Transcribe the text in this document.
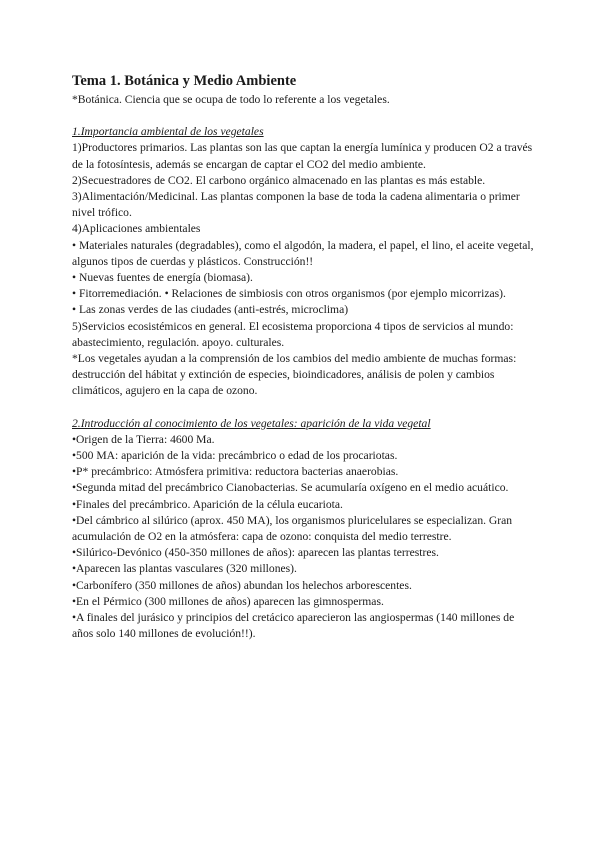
Tema 1. Botánica y Medio Ambiente

*Botánica. Ciencia que se ocupa de todo lo referente a los vegetales.

1.Importancia ambiental de los vegetales

1)Productores primarios. Las plantas son las que captan la energía lumínica y producen O2 a través de la fotosíntesis, además se encargan de captar el CO2 del medio ambiente.

2)Secuestradores de CO2. El carbono orgánico almacenado en las plantas es más estable.

3)Alimentación/Medicinal. Las plantas componen la base de toda la cadena alimentaria o primer nivel trófico.

4)Aplicaciones ambientales

• Materiales naturales (degradables), como el algodón, la madera, el papel, el lino, el aceite vegetal, algunos tipos de cuerdas y plásticos. Construcción!!

• Nuevas fuentes de energía (biomasa).

• Fitorremediación. • Relaciones de simbiosis con otros organismos (por ejemplo micorrizas).

• Las zonas verdes de las ciudades (anti-estrés, microclima)

5)Servicios ecosistémicos en general. El ecosistema proporciona 4 tipos de servicios al mundo: abastecimiento, regulación. apoyo. culturales.

*Los vegetales ayudan a la comprensión de los cambios del medio ambiente de muchas formas: destrucción del hábitat y extinción de especies, bioindicadores, análisis de polen y cambios climáticos, agujero en la capa de ozono.

2.Introducción al conocimiento de los vegetales: aparición de la vida vegetal

•Origen de la Tierra: 4600 Ma.

•500 MA: aparición de la vida: precámbrico o edad de los procariotas.

•P* precámbrico: Atmósfera primitiva: reductora bacterias anaerobias.

•Segunda mitad del precámbrico Cianobacterias. Se acumularía oxígeno en el medio acuático.

•Finales del precámbrico. Aparición de la célula eucariota.

•Del cámbrico al silúrico (aprox. 450 MA), los organismos pluricelulares se especializan. Gran acumulación de O2 en la atmósfera: capa de ozono: conquista del medio terrestre.

•Silúrico-Devónico (450-350 millones de años): aparecen las plantas terrestres.

•Aparecen las plantas vasculares (320 millones).

•Carbonífero (350 millones de años) abundan los helechos arborescentes.

•En el Pérmico (300 millones de años) aparecen las gimnospermas.

•A finales del jurásico y principios del cretácico aparecieron las angiospermas (140 millones de años solo 140 millones de evolución!!).
